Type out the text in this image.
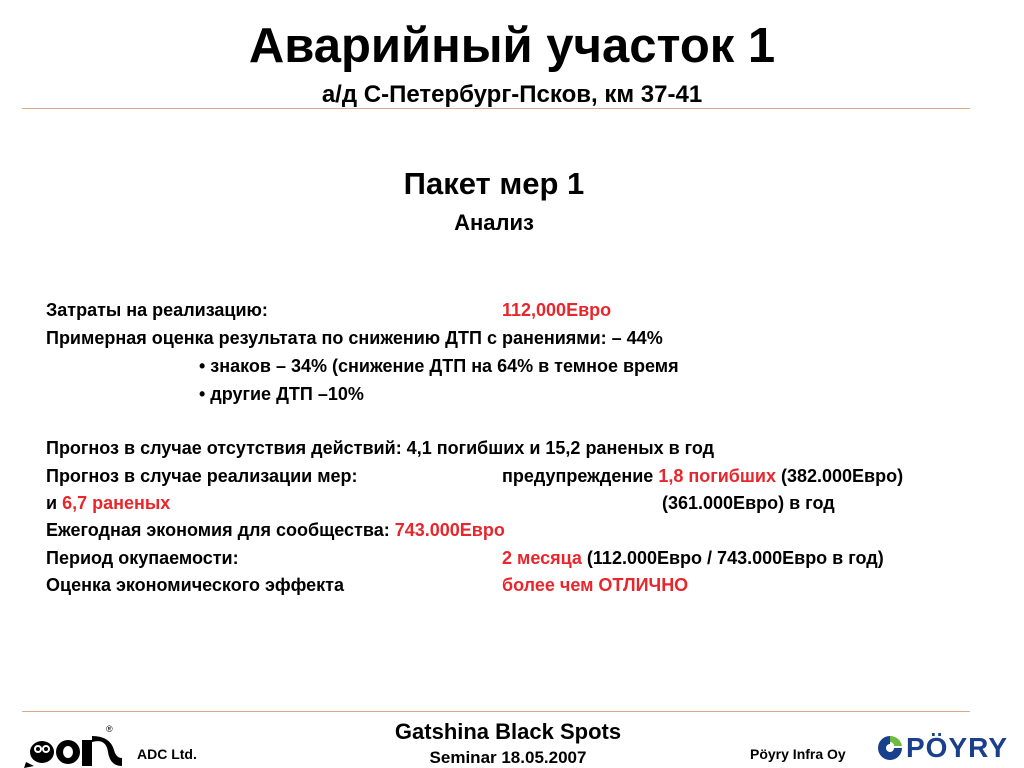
Аварийный участок 1
а/д С-Петербург-Псков, км 37-41
Пакет мер 1
Анализ
Затраты на реализацию:	112,000Евро
Примерная оценка результата по снижению ДТП с ранениями: – 44%
• знаков – 34% (снижение ДТП на 64% в темное время
• другие ДТП –10%
Прогноз в случае отсутствия действий: 4,1 погибших и 15,2 раненых в год
Прогноз в случае реализации мер:	предупреждение 1,8 погибших (382.000Евро)
и 6,7 раненых	(361.000Евро) в год
Ежегодная экономия для сообщества: 743.000Евро
Период окупаемости:	2 месяца (112.000Евро / 743.000Евро в год)
Оценка экономического эффекта	более чем ОТЛИЧНО
®
ADC Ltd.
Gatshina Black Spots
Seminar 18.05.2007	Pöyry Infra Oy PÖYRY
